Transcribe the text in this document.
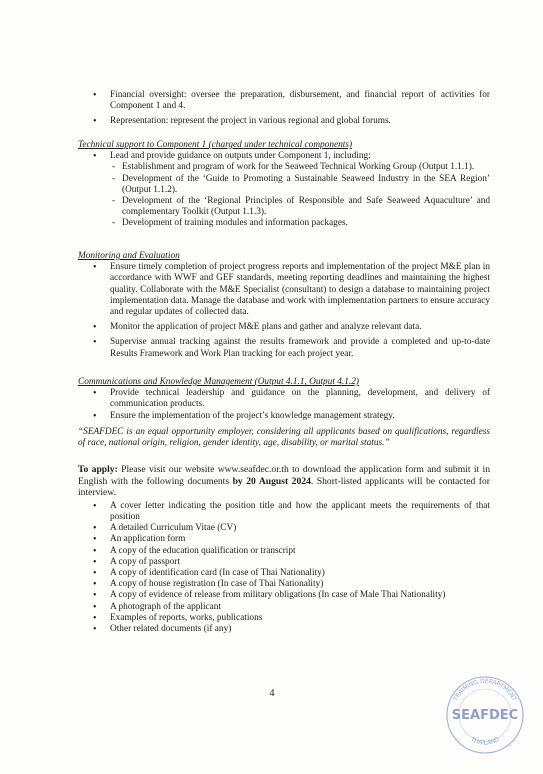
• Financial oversight: oversee the preparation, disbursement, and financial report of activities for Component 1 and 4.

• Representation: represent the project in various regional and global forums.

Technical support to Component 1 (charged under technical components)

• Lead and provide guidance on outputs under Component 1, including:

- Establishment and program of work for the Seaweed Technical Working Group (Output 1.1.1).

- Development of the ‘Guide to Promoting a Sustainable Seaweed Industry in the SEA Region’ (Output 1.1.2).

- Development of the ‘Regional Principles of Responsible and Safe Seaweed Aquaculture’ and complementary Toolkit (Output 1.1.3).

- Development of training modules and information packages.

Monitoring and Evaluation

• Ensure timely completion of project progress reports and implementation of the project M&E plan in accordance with WWF and GEF standards, meeting reporting deadlines and maintaining the highest quality. Collaborate with the M&E Specialist (consultant) to design a database to maintaining project implementation data. Manage the database and work with implementation partners to ensure accuracy and regular updates of collected data.

• Monitor the application of project M&E plans and gather and analyze relevant data.

• Supervise annual tracking against the results framework and provide a completed and up-to-date Results Framework and Work Plan tracking for each project year.

Communications and Knowledge Management (Output 4.1.1, Output 4.1.2)

• Provide technical leadership and guidance on the planning, development, and delivery of communication products.

• Ensure the implementation of the project’s knowledge management strategy.

“SEAFDEC is an equal opportunity employer, considering all applicants based on qualifications, regardless of race, national origin, religion, gender identity, age, disability, or marital status.”

To apply: Please visit our website www.seafdec.or.th to download the application form and submit it in English with the following documents by 20 August 2024. Short-listed applicants will be contacted for interview.

• A cover letter indicating the position title and how the applicant meets the requirements of that position

• A detailed Curriculum Vitae (CV)

• An application form

• A copy of the education qualification or transcript

• A copy of passport

• A copy of identification card (In case of Thai Nationality)

• A copy of house registration (In case of Thai Nationality)

• A copy of evidence of release from military obligations (In case of Male Thai Nationality)

• A photograph of the applicant

• Examples of reports, works, publications

• Other related documents (if any)

4
TRAINING DEPARTMENT
SEAFDEC
THAILAND
